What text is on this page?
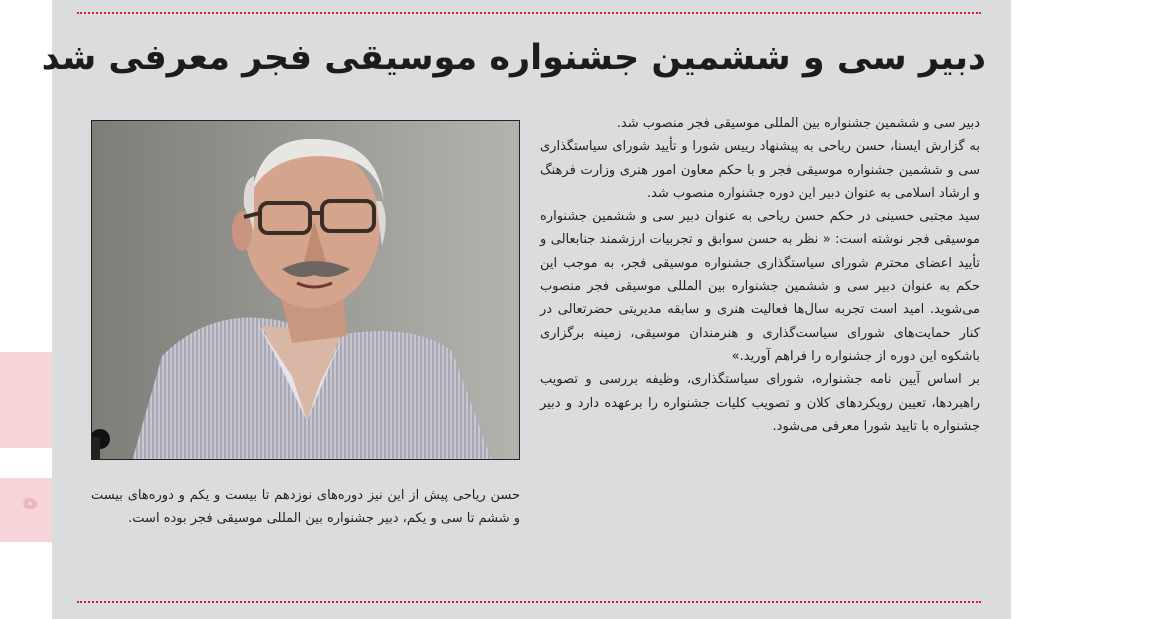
ه
دبیر سی و ششمین جشنواره موسیقی فجر معرفی شد

دبیر سی و ششمین جشنواره بین المللی موسیقی فجر منصوب شد.

به گزارش ایسنا، حسن ریاحی به پیشنهاد رییس شورا و تأیید شورای سیاستگذاری سی و ششمین جشنواره موسیقی فجر و با حکم معاون امور هنری وزارت فرهنگ و ارشاد اسلامی به عنوان دبیر این دوره جشنواره منصوب شد.

سید مجتبی حسینی در حکم حسن ریاحی به عنوان دبیر سی و ششمین جشنواره موسیقی فجر نوشته است: « نظر به حسن سوابق و تجربیات ارزشمند جنابعالی و تأیید اعضای محترم شورای سیاستگذاری جشنواره موسیقی فجر، به موجب این حکم به عنوان دبیر سی و ششمین جشنواره بین المللی موسیقی فجر منصوب می‌شوید. امید است تجربه سال‌ها فعالیت هنری و سابقه مدیریتی حضرتعالی در کنار حمایت‌های شورای سیاست‌گذاری و هنرمندان موسیقی، زمینه برگزاری باشکوه این دوره از جشنواره را فراهم آورید.»

بر اساس آیین نامه جشنواره، شورای سیاستگذاری، وظیفه بررسی و تصویب راهبردها، تعیین رویکردهای کلان و تصویب کلیات جشنواره را برعهده دارد و دبیر جشنواره با تایید شورا معرفی می‌شود.

حسن ریاحی پیش از این نیز دوره‌های نوزدهم تا بیست و یکم و دوره‌های بیست و ششم تا سی و یکم، دبیر جشنواره بین المللی موسیقی فجر بوده است.
